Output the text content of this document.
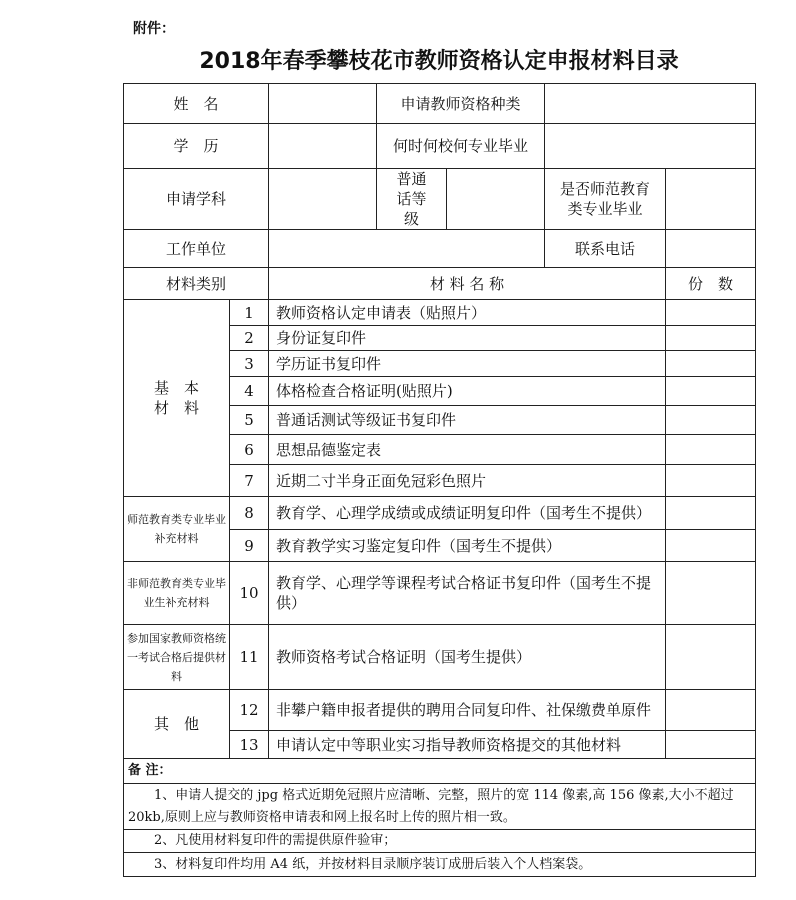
附件：
2018年春季攀枝花市教师资格认定申报材料目录
姓　名			申请教师资格种类			
学　历			何时何校何专业毕业			
申请学科			普通话等级		是否师范教育类专业毕业	
工作单位					联系电话	
材料类别		材 料 名 称				份　数
基　本 材　料	1	教师资格认定申请表（贴照片）				
	2	身份证复印件				
	3	学历证书复印件				
	4	体格检查合格证明(贴照片)				
	5	普通话测试等级证书复印件				
	6	思想品德鉴定表				
	7	近期二寸半身正面免冠彩色照片				
师范教育类专业毕业补充材料	8	教育学、心理学成绩或成绩证明复印件（国考生不提供）				
	9	教育教学实习鉴定复印件（国考生不提供）				
非师范教育类专业毕业生补充材料	10	教育学、心理学等课程考试合格证书复印件（国考生不提供）				
参加国家教师资格统一考试合格后提供材料	11	教师资格考试合格证明（国考生提供）				
其　他	12	非攀户籍申报者提供的聘用合同复印件、社保缴费单原件				
	13	申请认定中等职业实习指导教师资格提交的其他材料				
备 注：						
1、申请人提交的 jpg 格式近期免冠照片应清晰、完整，照片的宽 114 像素,高 156 像素,大小不超过 20kb,原则上应与教师资格申请表和网上报名时上传的照片相一致。						
2、凡使用材料复印件的需提供原件验审；						
3、材料复印件均用 A4 纸，并按材料目录顺序装订成册后装入个人档案袋。						
